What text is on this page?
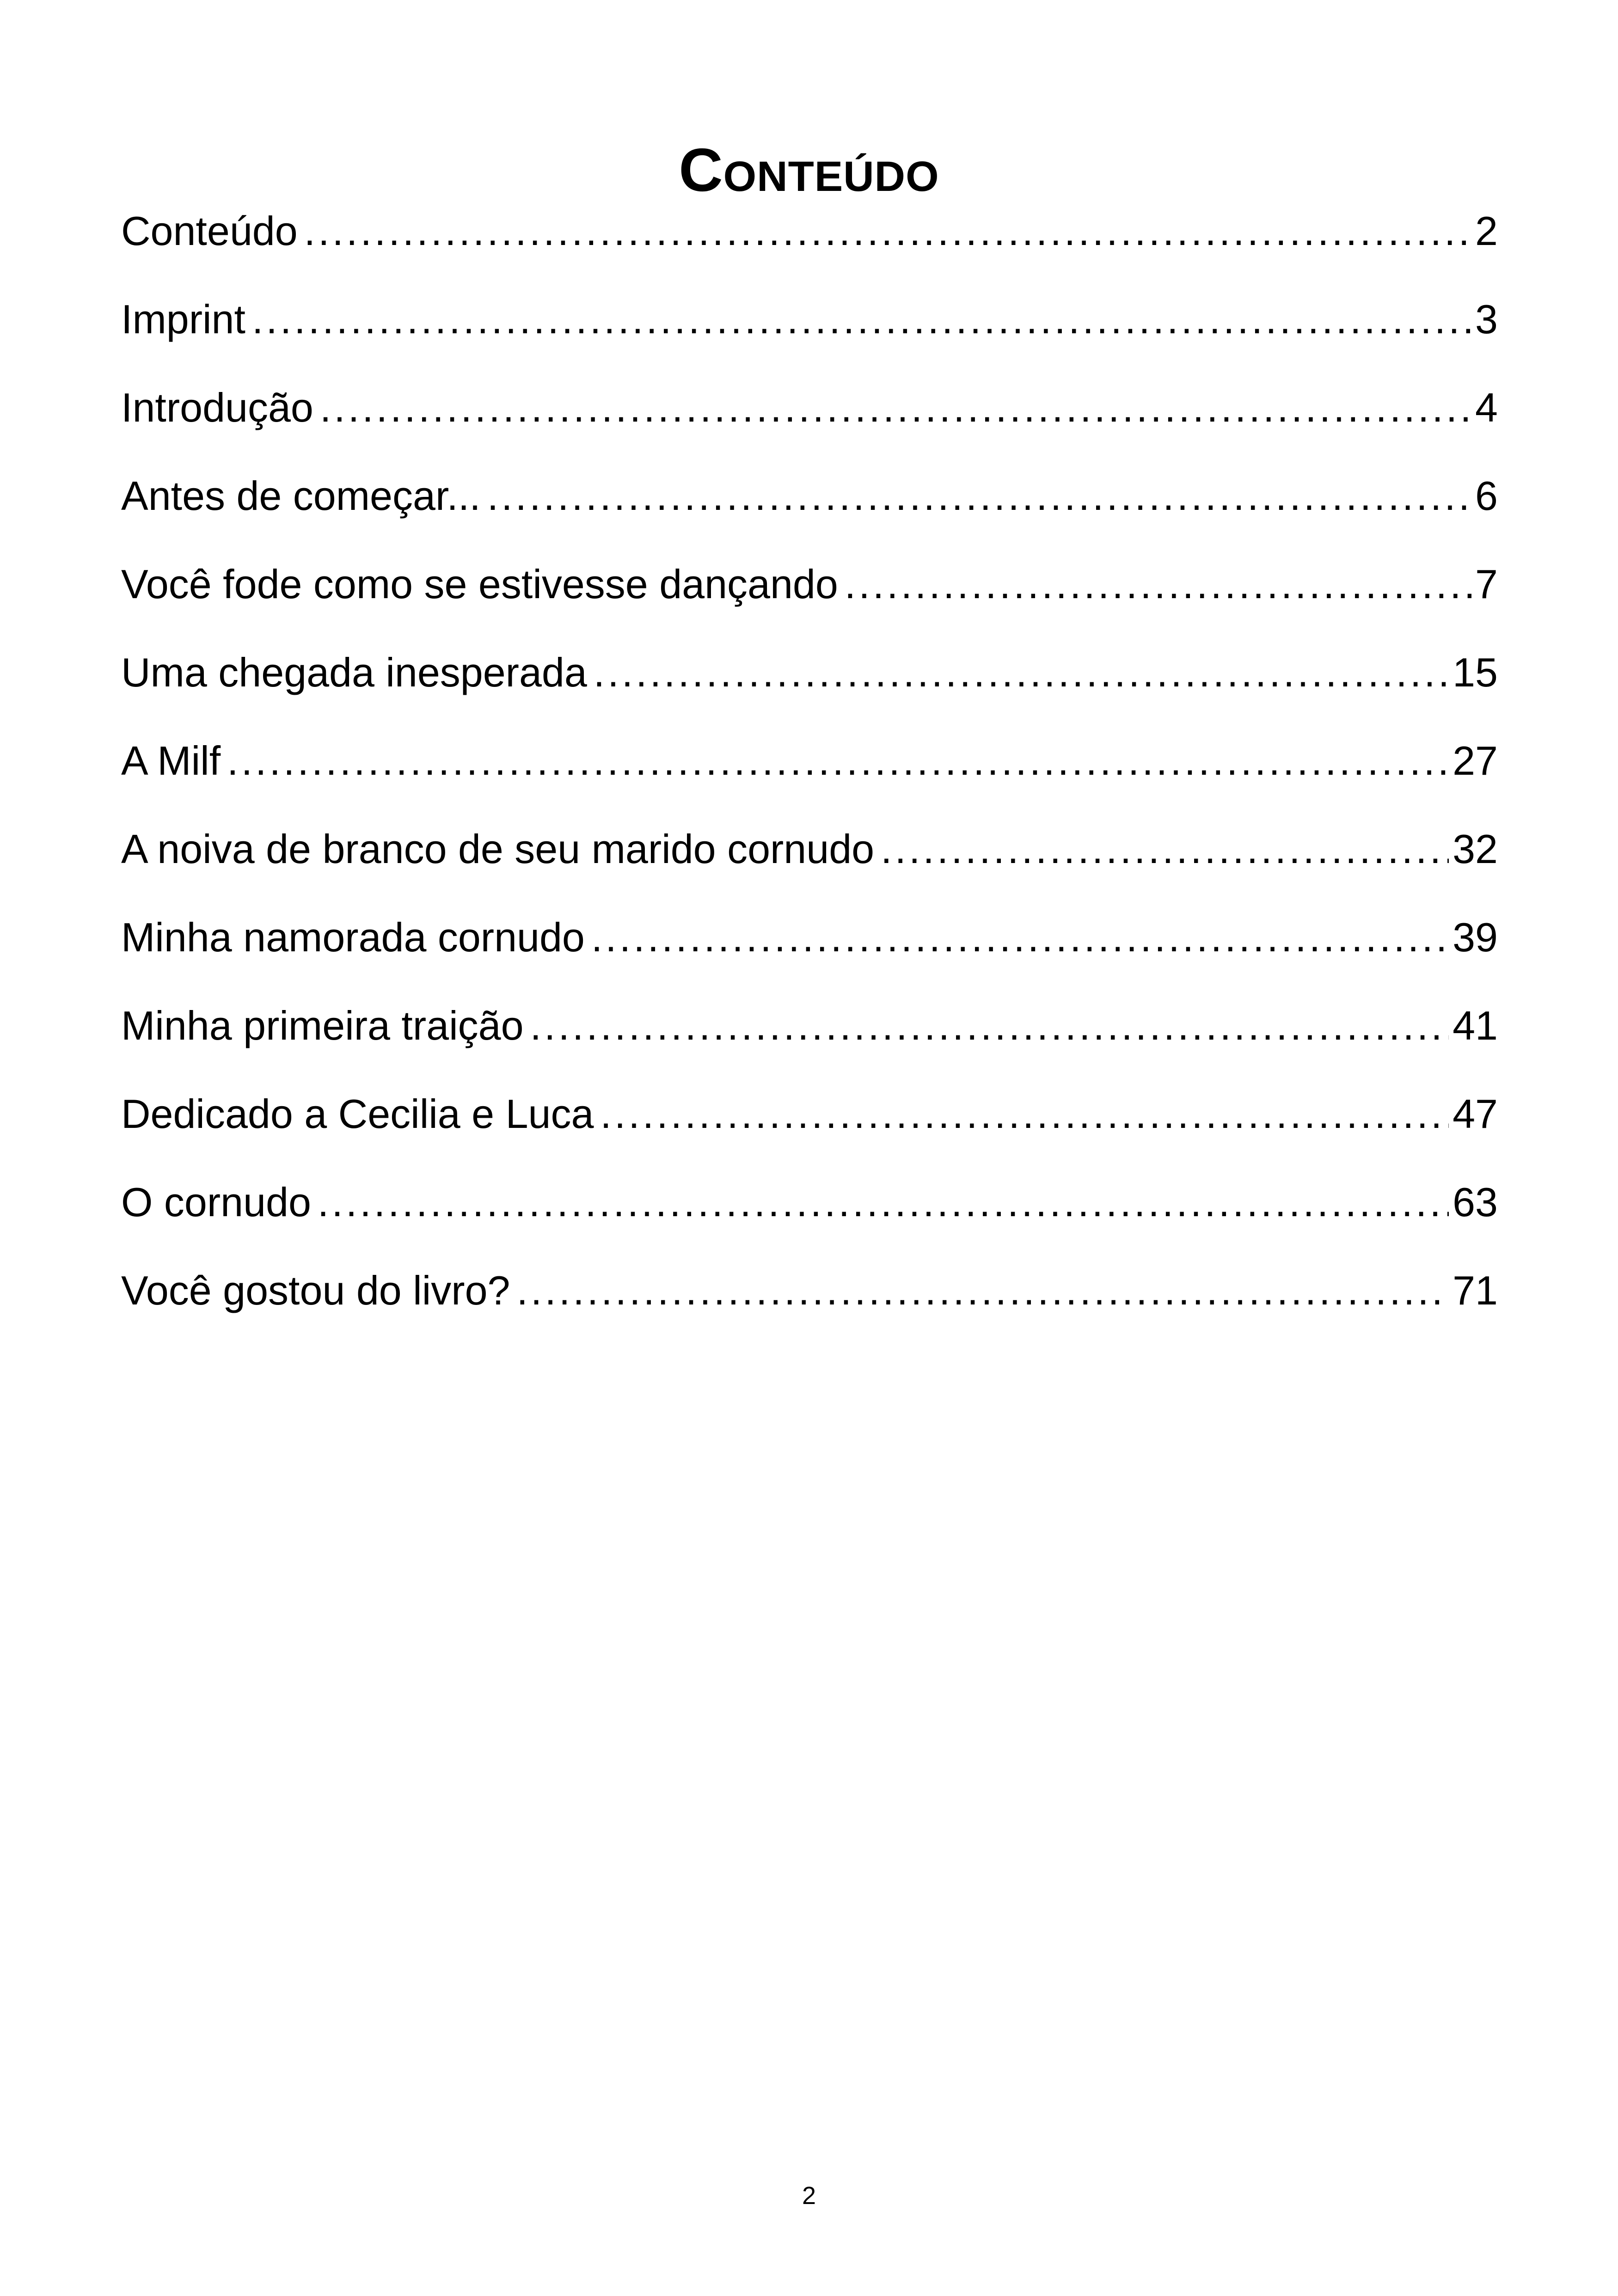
Conteúdo
Conteúdo .....	2
Imprint .....	3
Introdução .....	4
Antes de começar... .....	6
Você fode como se estivesse dançando .....	7
Uma chegada inesperada .....	15
A Milf .....	27
A noiva de branco de seu marido cornudo .....	32
Minha namorada cornudo .....	39
Minha primeira traição .....	41
Dedicado a Cecilia e Luca .....	47
O cornudo .....	63
Você gostou do livro? .....	71
2
